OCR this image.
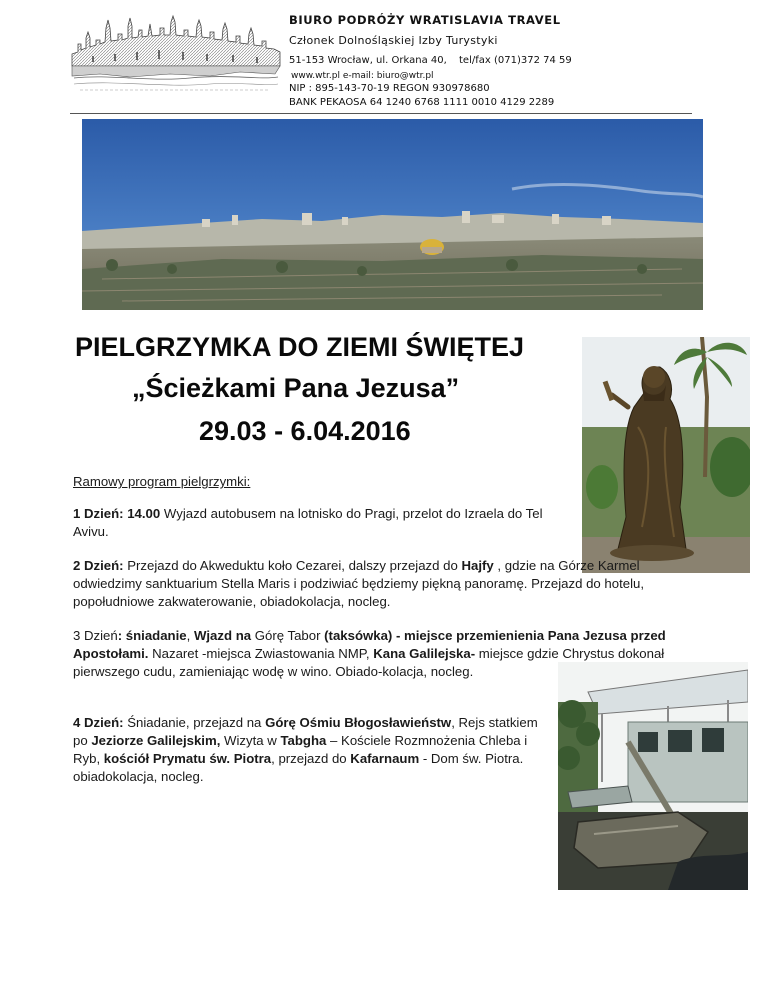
BIURO PODRÓŻY WRATISLAVIA TRAVEL
Członek Dolnośląskiej Izby Turystyki
51-153 Wrocław, ul. Orkana 40, tel/fax (071)372 74 59
www.wtr.pl e-mail: biuro@wtr.pl
NIP : 895-143-70-19 REGON 930978680
BANK PEKAOSA 64 1240 6768 1111 0010 4129 2289
PIELGRZYMKA DO ZIEMI ŚWIĘTEJ
„Ścieżkami Pana Jezusa”
29.03 - 6.04.2016
Ramowy program pielgrzymki:
1 Dzień: 14.00 Wyjazd autobusem na lotnisko do Pragi, przelot do Izraela do Tel Avivu.
2 Dzień: Przejazd do Akweduktu koło Cezarei, dalszy przejazd do Hajfy , gdzie na Górze Karmel odwiedzimy sanktuarium Stella Maris i podziwiać będziemy piękną panoramę. Przejazd do hotelu, popołudniowe zakwaterowanie, obiadokolacja, nocleg.
3 Dzień: śniadanie, Wjazd na Górę Tabor (taksówka) - miejsce przemienienia Pana Jezusa przed Apostołami. Nazaret -miejsca Zwiastowania NMP, Kana Galilejska- miejsce gdzie Chrystus dokonał pierwszego cudu, zamieniając wodę w wino. Obiado-kolacja, nocleg.
4 Dzień: Śniadanie, przejazd na Górę Ośmiu Błogosławieństw, Rejs statkiem po Jeziorze Galilejskim, Wizyta w Tabgha – Kościele Rozmnożenia Chleba i Ryb, kościół Prymatu św. Piotra, przejazd do Kafarnaum - Dom św. Piotra. obiadokolacja, nocleg.
